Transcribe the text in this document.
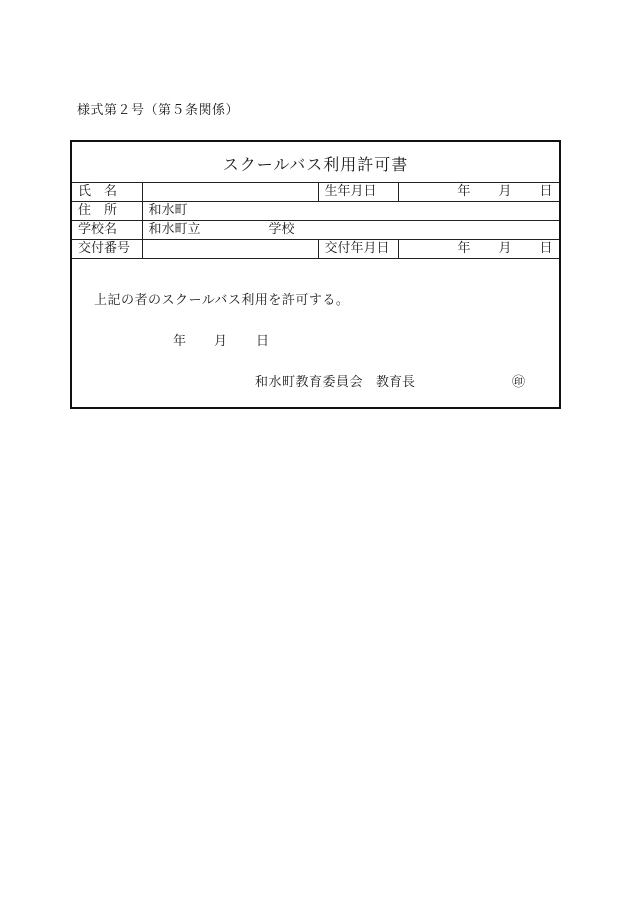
様式第２号（第５条関係）
スクールバス利用許可書
氏　名		生年月日	年 月 日

住　所	和水町		
学校名	和水町立 学校		

交付番号		交付年月日	年 月 日
上記の者のスクールバス利用を許可する。
年 月 日
和水町教育委員会 教育長	㊞
